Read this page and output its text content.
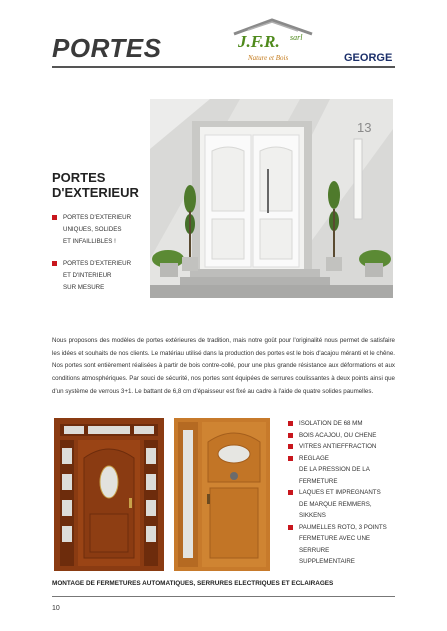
PORTES	J.F.R. sarl
Nature et Bois	GEORGE
13
PORTES
D'EXTERIEUR
PORTES D'EXTERIEUR
UNIQUES, SOLIDES
ET INFAILLIBLES !
PORTES D'EXTERIEUR
ET D'INTERIEUR
SUR MESURE

Nous proposons des modèles de portes extérieures de tradition, mais notre goût pour l'originalité nous permet de satisfaire les idées et souhaits de nos clients. Le matériau utilisé dans la production des portes est le bois d'acajou méranti et le chêne. Nos portes sont entièrement réalisées à partir de bois contre-collé, pour une plus grande résistance aux déformations et aux conditions atmosphériques. Par souci de sécurité, nos portes sont équipées de serrures coulissantes à deux points ainsi que d'un système de verrous 3+1. Le battant de 6,8 cm d'épaisseur est fixé au cadre à l'aide de quatre solides paumelles.

ISOLATION DE 68 MM
BOIS ACAJOU, OU CHENE
VITRES ANTIEFFRACTION
REGLAGE
DE LA PRESSION DE LA
FERMETURE
LAQUES ET IMPREGNANTS
DE MARQUE REMMERS, SIKKENS
PAUMELLES ROTO, 3 POINTS
FERMETURE AVEC UNE SERRURE
SUPPLEMENTAIRE
MONTAGE DE FERMETURES AUTOMATIQUES, SERRURES ELECTRIQUES ET ECLAIRAGES
10
